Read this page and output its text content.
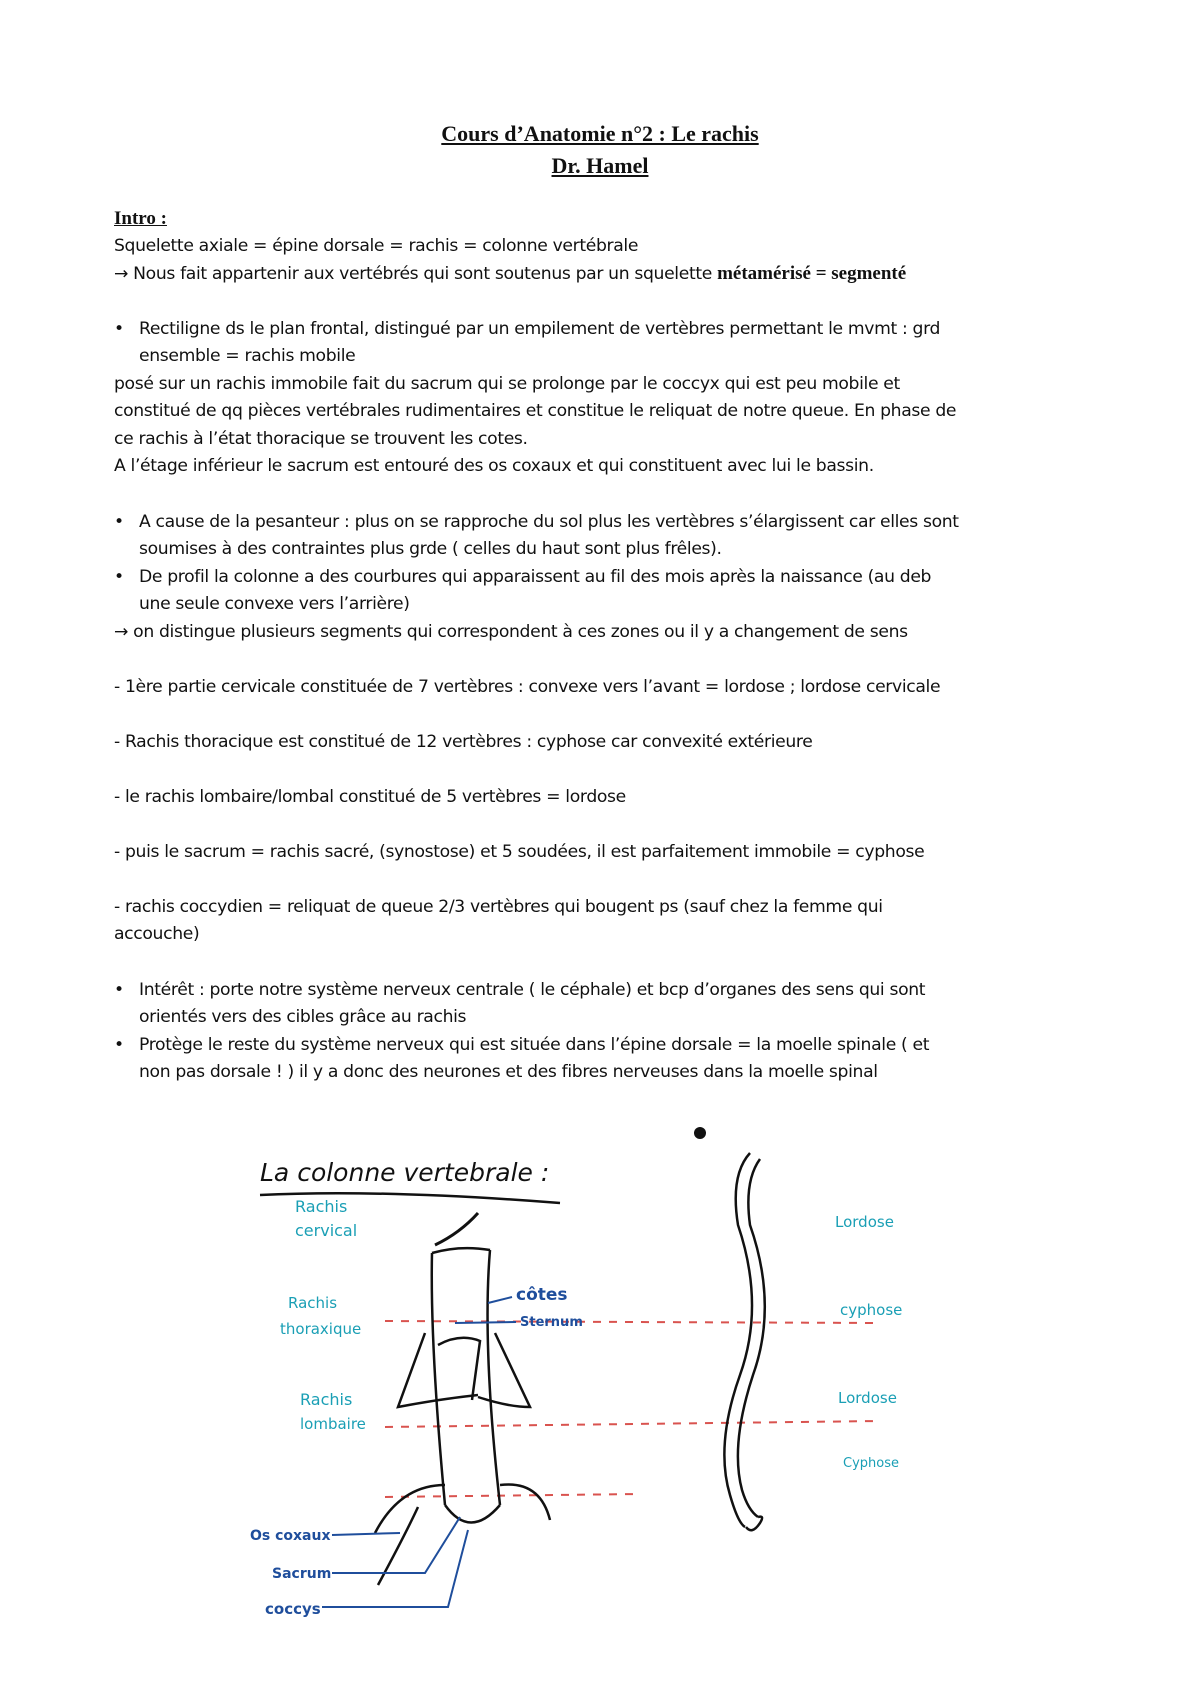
Cours d’Anatomie n°2 : Le rachis
Dr. Hamel
Intro :
Squelette axiale = épine dorsale = rachis = colonne vertébrale
→ Nous fait appartenir aux vertébrés qui sont soutenus par un squelette métamérisé = segmenté
• Rectiligne ds le plan frontal, distingué par un empilement de vertèbres permettant le mvmt : grd
ensemble = rachis mobile
posé sur un rachis immobile fait du sacrum qui se prolonge par le coccyx qui est peu mobile et
constitué de qq pièces vertébrales rudimentaires et constitue le reliquat de notre queue. En phase de
ce rachis à l’état thoracique se trouvent les cotes.
A l’étage inférieur le sacrum est entouré des os coxaux et qui constituent avec lui le bassin.
• A cause de la pesanteur : plus on se rapproche du sol plus les vertèbres s’élargissent car elles sont
soumises à des contraintes plus grde ( celles du haut sont plus frêles).
• De profil la colonne a des courbures qui apparaissent au fil des mois après la naissance (au deb
une seule convexe vers l’arrière)
→ on distingue plusieurs segments qui correspondent à ces zones ou il y a changement de sens
- 1ère partie cervicale constituée de 7 vertèbres : convexe vers l’avant = lordose ; lordose cervicale
- Rachis thoracique est constitué de 12 vertèbres : cyphose car convexité extérieure
- le rachis lombaire/lombal constitué de 5 vertèbres = lordose
- puis le sacrum = rachis sacré, (synostose) et 5 soudées, il est parfaitement immobile = cyphose
- rachis coccydien = reliquat de queue 2/3 vertèbres qui bougent ps (sauf chez la femme qui
accouche)
• Intérêt : porte notre système nerveux centrale ( le céphale) et bcp d’organes des sens qui sont
orientés vers des cibles grâce au rachis
• Protège le reste du système nerveux qui est située dans l’épine dorsale = la moelle spinale ( et
non pas dorsale ! ) il y a donc des neurones et des fibres nerveuses dans la moelle spinal
La colonne vertebrale :
Rachis
cervical
Rachis
thoraxique
Rachis
lombaire
côtes
Sternum
Os coxaux
Sacrum
coccys
Lordose
cyphose
Lordose
Cyphose
